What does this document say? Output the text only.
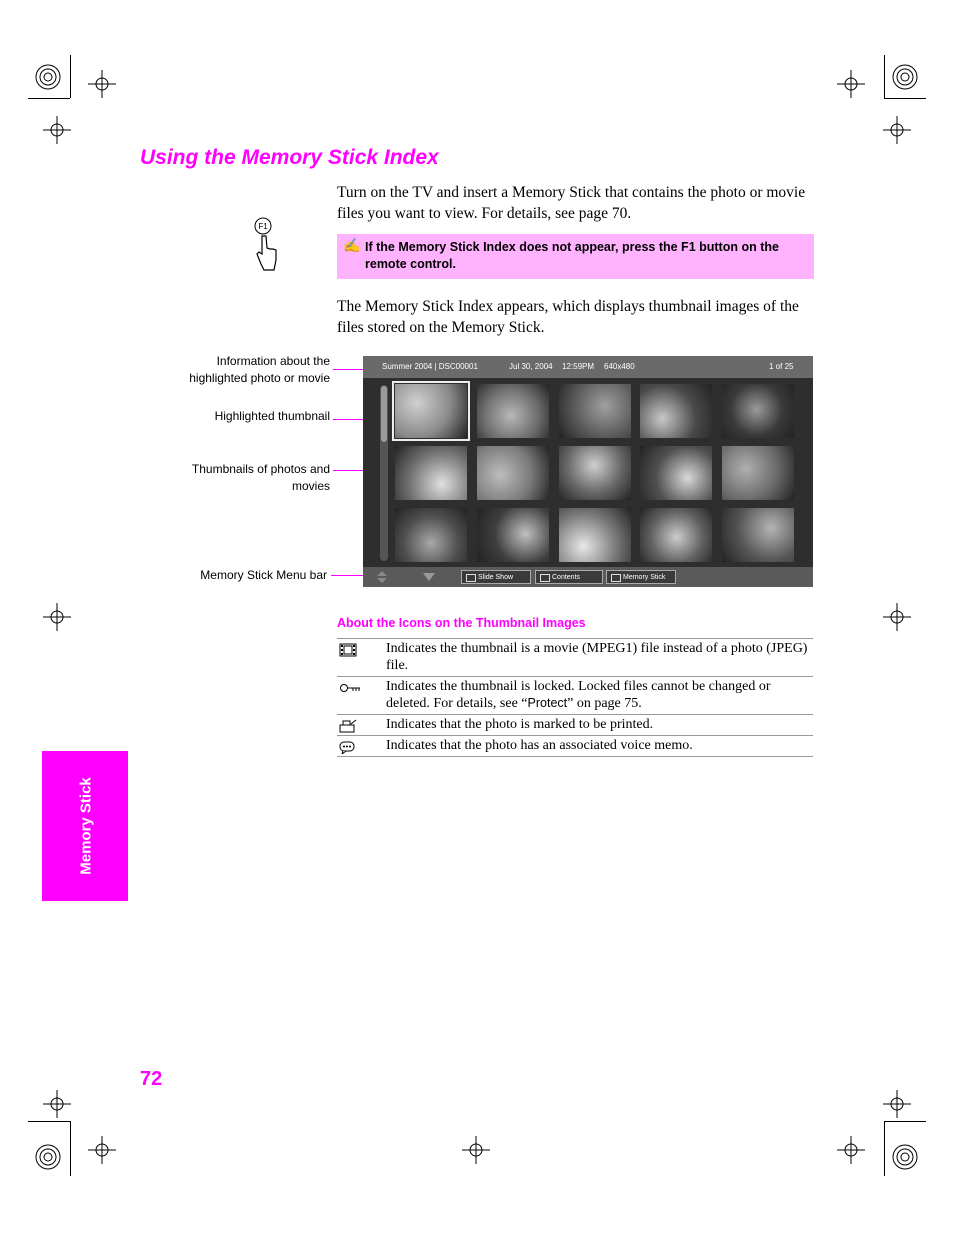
Using the Memory Stick Index
F1
Turn on the TV and insert a Memory Stick that contains the photo or movie files you want to view. For details, see page 70.
✍ If the Memory Stick Index does not appear, press the F1 button on the remote control.
The Memory Stick Index appears, which displays thumbnail images of the files stored on the Memory Stick.
Information about the highlighted photo or movie
Highlighted thumbnail
Thumbnails of photos and movies
Memory Stick Menu bar
Summer 2004 | DSC00001	Jul 30, 2004 12:59PM 640x480	1 of 25
Slide Show	Contents	Memory Stick
About the Icons on the Thumbnail Images
Indicates the thumbnail is a movie (MPEG1) file instead of a photo (JPEG) file.
Indicates the thumbnail is locked. Locked files cannot be changed or deleted. For details, see “Protect” on page 75.
Indicates that the photo is marked to be printed.
Indicates that the photo has an associated voice memo.
Memory Stick
72
